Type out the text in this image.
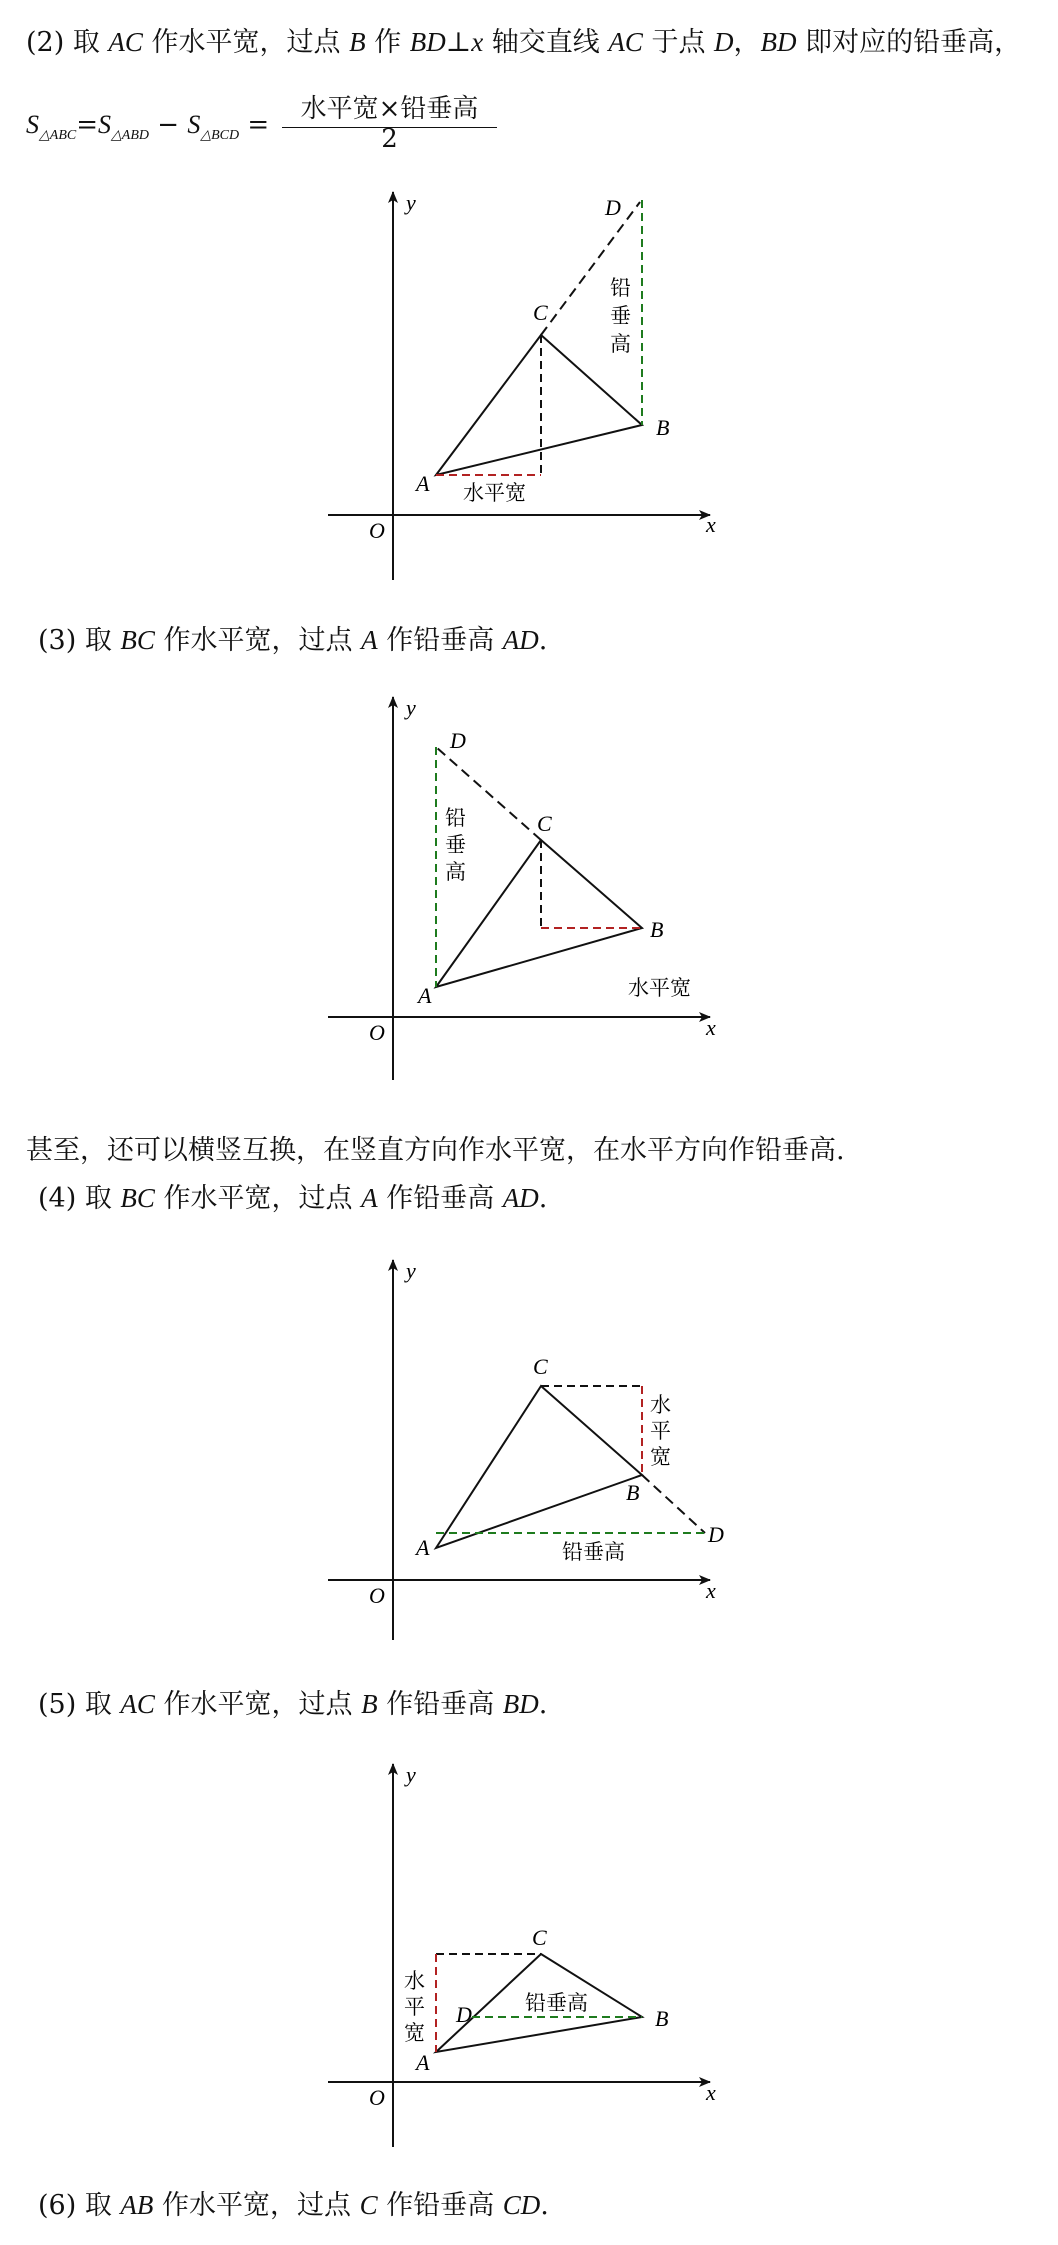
(2) 取 AC 作水平宽，过点 B 作 BD⊥x 轴交直线 AC 于点 D，BD 即对应的铅垂高，
$S_{\triangle ABC}=S_{\triangle ABD} - S_{\triangle BCD}$ =
水平宽×铅垂高
2
x
y
O
A
B
C
D
水平宽
铅
垂
高
(3) 取 BC 作水平宽，过点 A 作铅垂高 AD.
x
y
O
A
B
C
D
水平宽
铅
垂
高
甚至，还可以横竖互换，在竖直方向作水平宽，在水平方向作铅垂高.
(4) 取 BC 作水平宽，过点 A 作铅垂高 AD.
x
y
O
A
B
C
D
水
平
宽
铅垂高
(5) 取 AC 作水平宽，过点 B 作铅垂高 BD.
x
y
O
A
B
C
D
水
平
宽
铅垂高
(6) 取 AB 作水平宽，过点 C 作铅垂高 CD.
